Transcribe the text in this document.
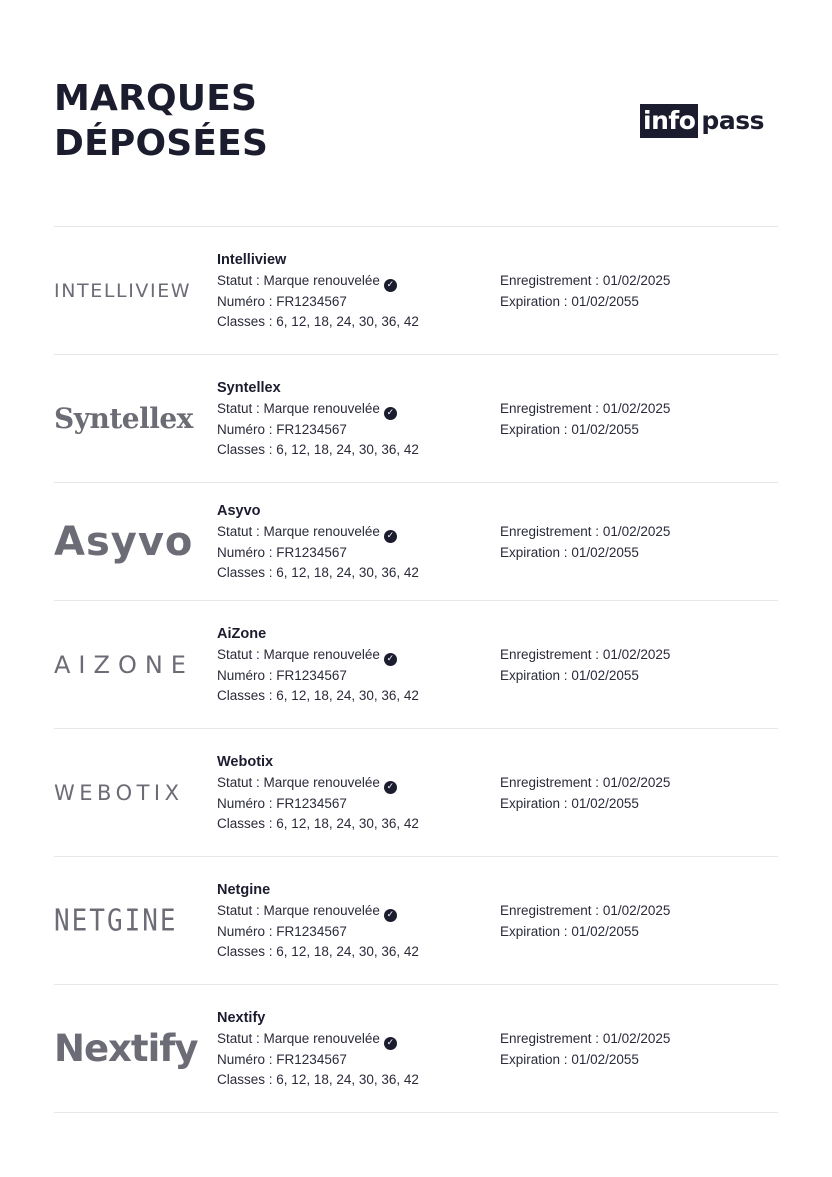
MARQUES
DÉPOSÉES
info pass
INTELLIVIEW
Intelliview
Statut : Marque renouvelée ✓
Numéro : FR1234567
Classes : 6, 12, 18, 24, 30, 36, 42
Enregistrement : 01/02/2025
Expiration : 01/02/2055
Syntellex
Syntellex
Statut : Marque renouvelée ✓
Numéro : FR1234567
Classes : 6, 12, 18, 24, 30, 36, 42
Enregistrement : 01/02/2025
Expiration : 01/02/2055
Asyvo
Asyvo
Statut : Marque renouvelée ✓
Numéro : FR1234567
Classes : 6, 12, 18, 24, 30, 36, 42
Enregistrement : 01/02/2025
Expiration : 01/02/2055
AIZONE
AiZone
Statut : Marque renouvelée ✓
Numéro : FR1234567
Classes : 6, 12, 18, 24, 30, 36, 42
Enregistrement : 01/02/2025
Expiration : 01/02/2055
WEBOTIX
Webotix
Statut : Marque renouvelée ✓
Numéro : FR1234567
Classes : 6, 12, 18, 24, 30, 36, 42
Enregistrement : 01/02/2025
Expiration : 01/02/2055
NETGINE
Netgine
Statut : Marque renouvelée ✓
Numéro : FR1234567
Classes : 6, 12, 18, 24, 30, 36, 42
Enregistrement : 01/02/2025
Expiration : 01/02/2055
Nextify
Nextify
Statut : Marque renouvelée ✓
Numéro : FR1234567
Classes : 6, 12, 18, 24, 30, 36, 42
Enregistrement : 01/02/2025
Expiration : 01/02/2055
